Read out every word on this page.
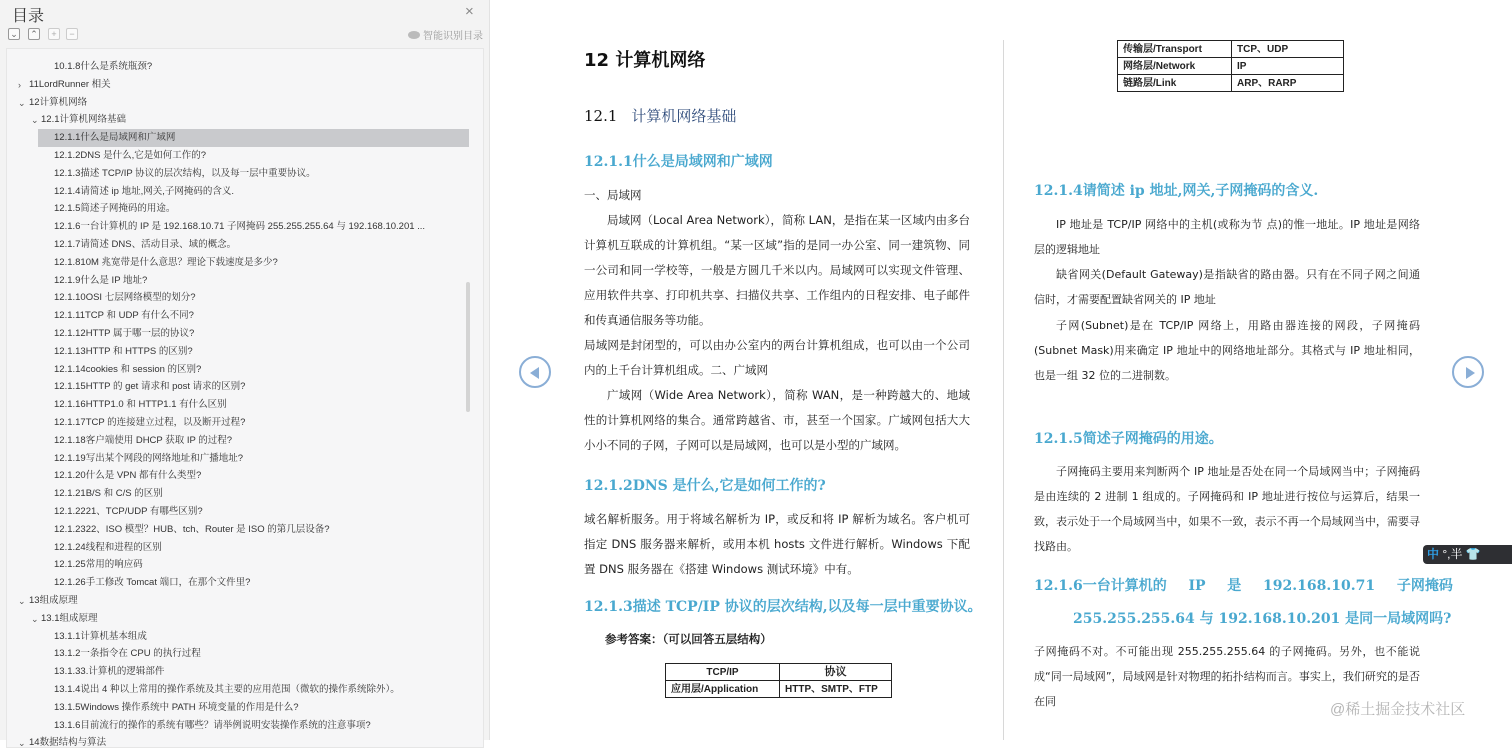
目录	×
⌄ ⌃	+	−	智能识别目录
10.1.8什么是系统瓶颈?
› 11LordRunner 相关
⌄ 12计算机网络
⌄ 12.1计算机网络基础
12.1.1什么是局域网和广域网
12.1.2DNS 是什么,它是如何工作的?
12.1.3描述 TCP/IP 协议的层次结构，以及每一层中重要协议。
12.1.4请简述 ip 地址,网关,子网掩码的含义.
12.1.5简述子网掩码的用途。
12.1.6一台计算机的 IP 是 192.168.10.71 子网掩码 255.255.255.64 与 192.168.10.201 ...
12.1.7请简述 DNS、活动目录、域的概念。
12.1.810M 兆宽带是什么意思？理论下载速度是多少?
12.1.9什么是 IP 地址?
12.1.10OSI 七层网络模型的划分?
12.1.11TCP 和 UDP 有什么不同?
12.1.12HTTP 属于哪一层的协议?
12.1.13HTTP 和 HTTPS 的区别?
12.1.14cookies 和 session 的区别?
12.1.15HTTP 的 get 请求和 post 请求的区别?
12.1.16HTTP1.0 和 HTTP1.1 有什么区别
12.1.17TCP 的连接建立过程，以及断开过程?
12.1.18客户端使用 DHCP 获取 IP 的过程?
12.1.19写出某个网段的网络地址和广播地址?
12.1.20什么是 VPN 都有什么类型?
12.1.21B/S 和 C/S 的区别
12.1.2221、TCP/UDP 有哪些区别?
12.1.2322、ISO 模型？HUB、tch、Router 是 ISO 的第几层设备?
12.1.24线程和进程的区别
12.1.25常用的响应码
12.1.26手工修改 Tomcat 端口，在那个文件里?
⌄ 13组成原理
⌄ 13.1组成原理
13.1.1计算机基本组成
13.1.2一条指令在 CPU 的执行过程
13.1.33.计算机的逻辑部件
13.1.4说出 4 种以上常用的操作系统及其主要的应用范围（微软的操作系统除外）。
13.1.5Windows 操作系统中 PATH 环境变量的作用是什么?
13.1.6目前流行的操作的系统有哪些？请举例说明安装操作系统的注意事项?
⌄ 14数据结构与算法
12 计算机网络
12.1 计算机网络基础
12.1.1什么是局域网和广域网
一、局域网
局域网（Local Area Network），简称 LAN，是指在某一区域内由多台计算机互联成的计算机组。“某一区域”指的是同一办公室、同一建筑物、同一公司和同一学校等，一般是方圆几千米以内。局域网可以实现文件管理、应用软件共享、打印机共享、扫描仪共享、工作组内的日程安排、电子邮件和传真通信服务等功能。
局域网是封闭型的，可以由办公室内的两台计算机组成，也可以由一个公司内的上千台计算机组成。二、广域网
广域网（Wide Area Network），简称 WAN，是一种跨越大的、地域性的计算机网络的集合。通常跨越省、市，甚至一个国家。广域网包括大大小小不同的子网，子网可以是局域网，也可以是小型的广域网。
12.1.2DNS 是什么,它是如何工作的?
域名解析服务。用于将域名解析为 IP，或反和将 IP 解析为域名。客户机可指定 DNS 服务器来解析，或用本机 hosts 文件进行解析。Windows 下配置 DNS 服务器在《搭建 Windows 测试环境》中有。
12.1.3描述 TCP/IP 协议的层次结构,以及每一层中重要协议。
参考答案：（可以回答五层结构）
TCP/IP	协议
应用层/Application	HTTP、SMTP、FTP
传输层/Transport	TCP、UDP
网络层/Network	IP
链路层/Link	ARP、RARP
12.1.4请简述 ip 地址,网关,子网掩码的含义.
IP 地址是 TCP/IP 网络中的主机(或称为节 点)的惟一地址。IP 地址是网络层的逻辑地址
缺省网关(Default Gateway)是指缺省的路由器。只有在不同子网之间通信时，才需要配置缺省网关的 IP 地址
子网(Subnet)是在 TCP/IP 网络上，用路由器连接的网段，子网掩码(Subnet Mask)用来确定 IP 地址中的网络地址部分。其格式与 IP 地址相同，也是一组 32 位的二进制数。
12.1.5简述子网掩码的用途。
子网掩码主要用来判断两个 IP 地址是否处在同一个局域网当中；子网掩码是由连续的 2 进制 1 组成的。子网掩码和 IP 地址进行按位与运算后，结果一致，表示处于一个局域网当中，如果不一致，表示不再一个局域网当中，需要寻找路由。
12.1.6一台计算机的  IP  是  192.168.10.71  子网掩码
255.255.255.64 与 192.168.10.201 是同一局域网吗?
子网掩码不对。不可能出现 255.255.255.64 的子网掩码。另外，也不能说成“同一局域网”，局域网是针对物理的拓扑结构而言。事实上，我们研究的是否在同
中 °,半 👕
@稀土掘金技术社区
